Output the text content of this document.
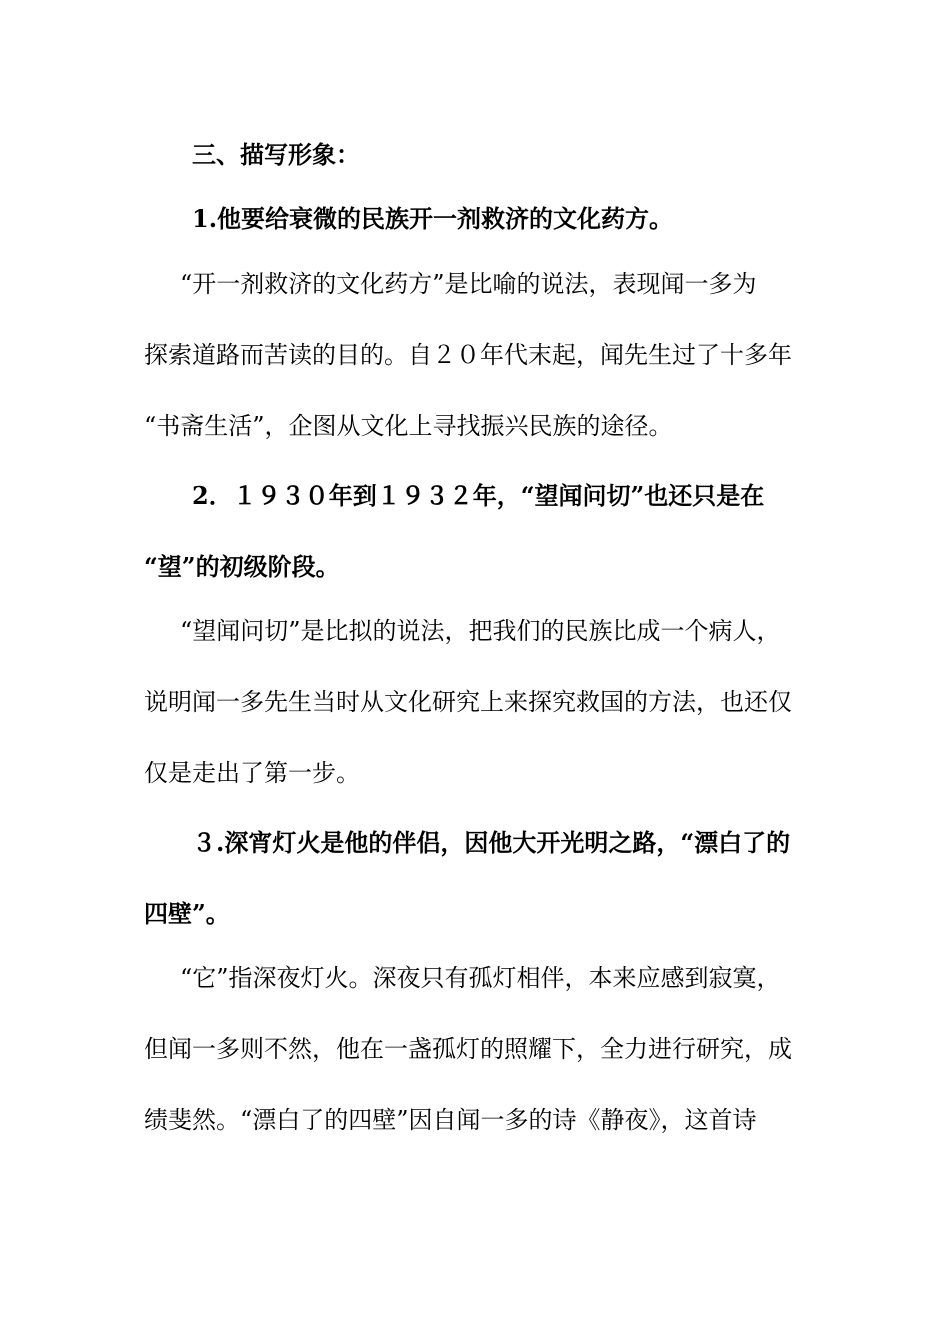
三、描写形象：
1.他要给衰微的民族开一剂救济的文化药方。
“开一剂救济的文化药方”是比喻的说法，表现闻一多为
探索道路而苦读的目的。自２０年代末起，闻先生过了十多年
“书斋生活”，企图从文化上寻找振兴民族的途径。
2．１９３０年到１９３２年，“望闻问切”也还只是在
“望”的初级阶段。
“望闻问切”是比拟的说法，把我们的民族比成一个病人，
说明闻一多先生当时从文化研究上来探究救国的方法，也还仅
仅是走出了第一步。
３.深宵灯火是他的伴侣，因他大开光明之路，“漂白了的
四壁”。
“它”指深夜灯火。深夜只有孤灯相伴，本来应感到寂寞，
但闻一多则不然，他在一盏孤灯的照耀下，全力进行研究，成
绩斐然。“漂白了的四壁”因自闻一多的诗《静夜》，这首诗
